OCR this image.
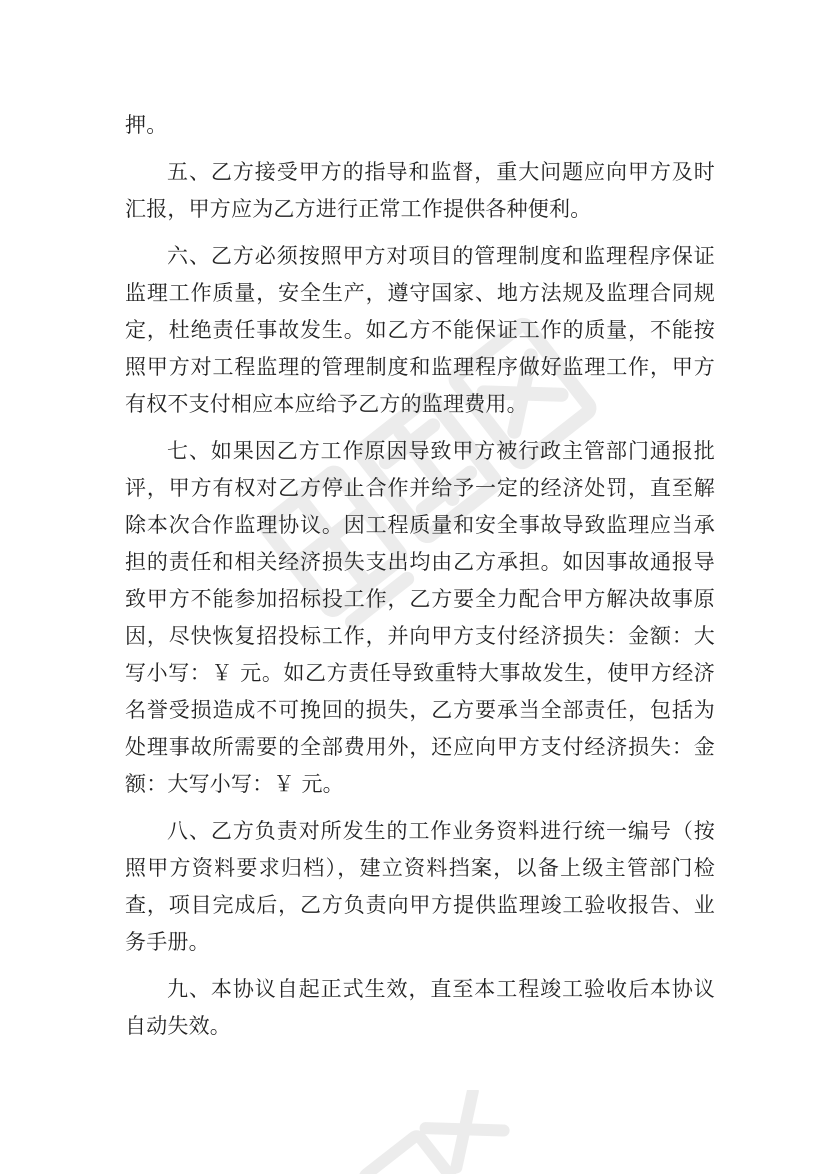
押。

五、乙方接受甲方的指导和监督，重大问题应向甲方及时汇报，甲方应为乙方进行正常工作提供各种便利。

六、乙方必须按照甲方对项目的管理制度和监理程序保证监理工作质量，安全生产，遵守国家、地方法规及监理合同规定，杜绝责任事故发生。如乙方不能保证工作的质量，不能按照甲方对工程监理的管理制度和监理程序做好监理工作，甲方有权不支付相应本应给予乙方的监理费用。

七、如果因乙方工作原因导致甲方被行政主管部门通报批评，甲方有权对乙方停止合作并给予一定的经济处罚，直至解除本次合作监理协议。因工程质量和安全事故导致监理应当承担的责任和相关经济损失支出均由乙方承担。如因事故通报导致甲方不能参加招标投工作，乙方要全力配合甲方解决故事原因，尽快恢复招投标工作，并向甲方支付经济损失：金额：大写小写：￥ 元。如乙方责任导致重特大事故发生，使甲方经济名誉受损造成不可挽回的损失，乙方要承当全部责任，包括为处理事故所需要的全部费用外，还应向甲方支付经济损失：金额：大写小写：￥ 元。

八、乙方负责对所发生的工作业务资料进行统一编号（按照甲方资料要求归档），建立资料挡案，以备上级主管部门检查，项目完成后，乙方负责向甲方提供监理竣工验收报告、业务手册。

九、本协议自起正式生效，直至本工程竣工验收后本协议自动失效。
